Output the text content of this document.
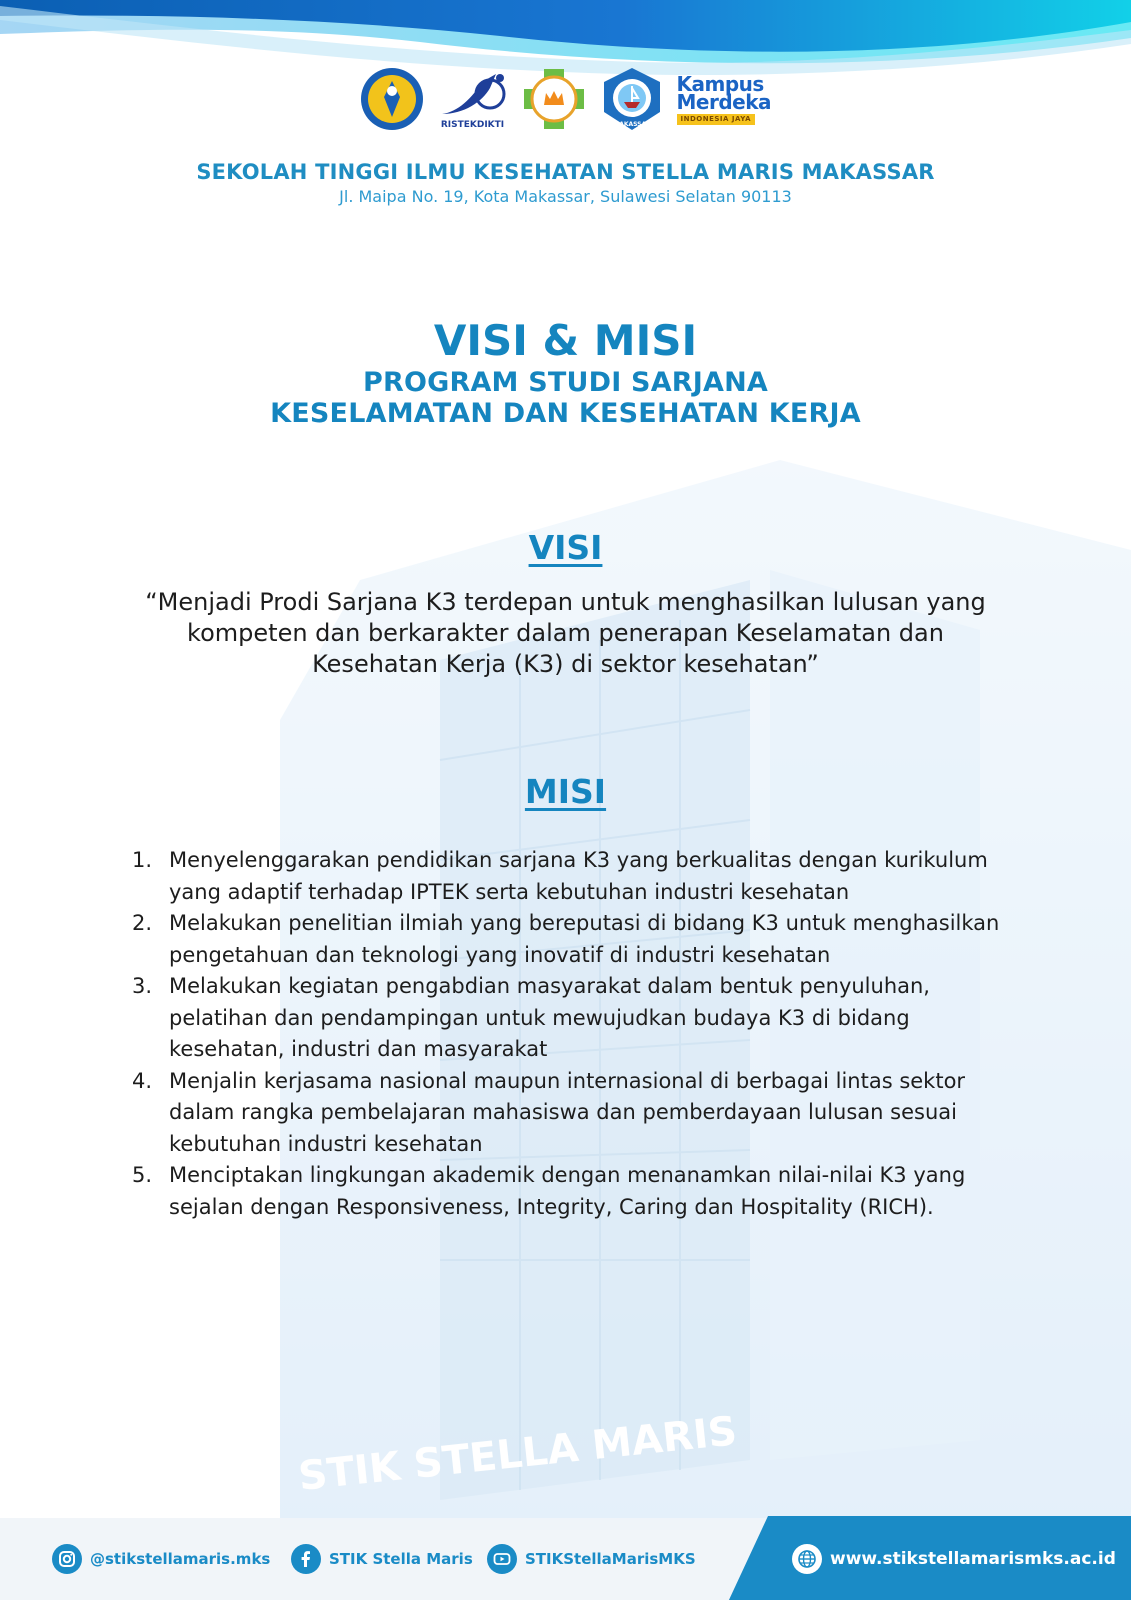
RISTEKDIKTI	MAKASSAR
Kampus
Merdeka
INDONESIA JAYA
SEKOLAH TINGGI ILMU KESEHATAN STELLA MARIS MAKASSAR
Jl. Maipa No. 19, Kota Makassar, Sulawesi Selatan 90113
STIK STELLA MARIS
VISI & MISI
PROGRAM STUDI SARJANA
KESELAMATAN DAN KESEHATAN KERJA
VISI
“Menjadi Prodi Sarjana K3 terdepan untuk menghasilkan lulusan yang kompeten dan berkarakter dalam penerapan Keselamatan dan Kesehatan Kerja (K3) di sektor kesehatan”
MISI
1. Menyelenggarakan pendidikan sarjana K3 yang berkualitas dengan kurikulum yang adaptif terhadap IPTEK serta kebutuhan industri kesehatan
2. Melakukan penelitian ilmiah yang bereputasi di bidang K3 untuk menghasilkan pengetahuan dan teknologi yang inovatif di industri kesehatan
3. Melakukan kegiatan pengabdian masyarakat dalam bentuk penyuluhan, pelatihan dan pendampingan untuk mewujudkan budaya K3 di bidang kesehatan, industri dan masyarakat
4. Menjalin kerjasama nasional maupun internasional di berbagai lintas sektor dalam rangka pembelajaran mahasiswa dan pemberdayaan lulusan sesuai kebutuhan industri kesehatan
5. Menciptakan lingkungan akademik dengan menanamkan nilai-nilai K3 yang sejalan dengan Responsiveness, Integrity, Caring dan Hospitality (RICH).
@stikstellamaris.mks	STIK Stella Maris	STIKStellaMarisMKS	www.stikstellamarismks.ac.id
